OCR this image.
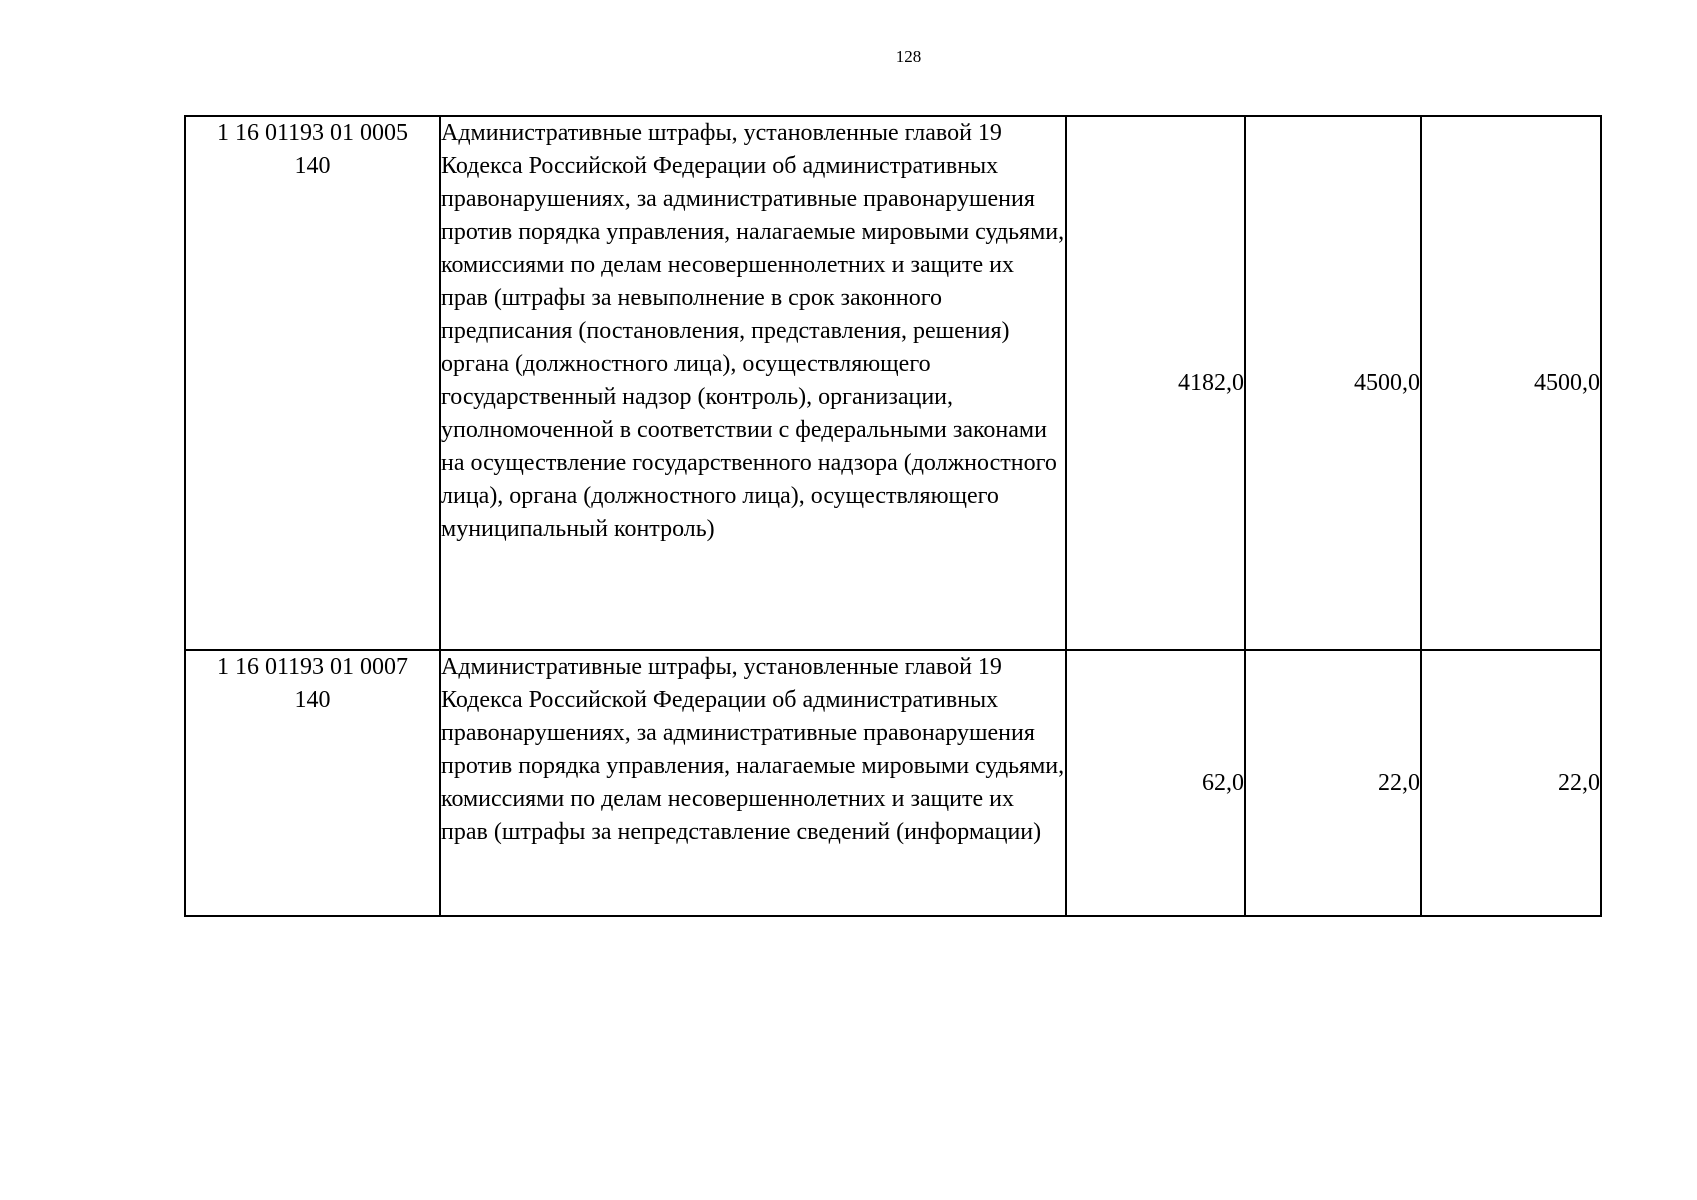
128
1 16 01193 01 0005
140	Административные штрафы, установленные главой 19 Кодекса Российской Федерации об административных правонарушениях, за административные правонарушения против порядка управления, налагаемые мировыми судьями, комиссиями по делам несовершеннолетних и защите их прав (штрафы за невыполнение в срок законного предписания (постановления, представления, решения) органа (должностного лица), осуществляющего государственный надзор (контроль), организации, уполномоченной в соответствии с федеральными законами на осуществление государственного надзора (должностного лица), органа (должностного лица), осуществляющего муниципальный контроль)	4182,0	4500,0	4500,0

1 16 01193 01 0007
140	Административные штрафы, установленные главой 19 Кодекса Российской Федерации об административных правонарушениях, за административные правонарушения против порядка управления, налагаемые мировыми судьями, комиссиями по делам несовершеннолетних и защите их прав (штрафы за непредставление сведений (информации)	62,0	22,0	22,0
